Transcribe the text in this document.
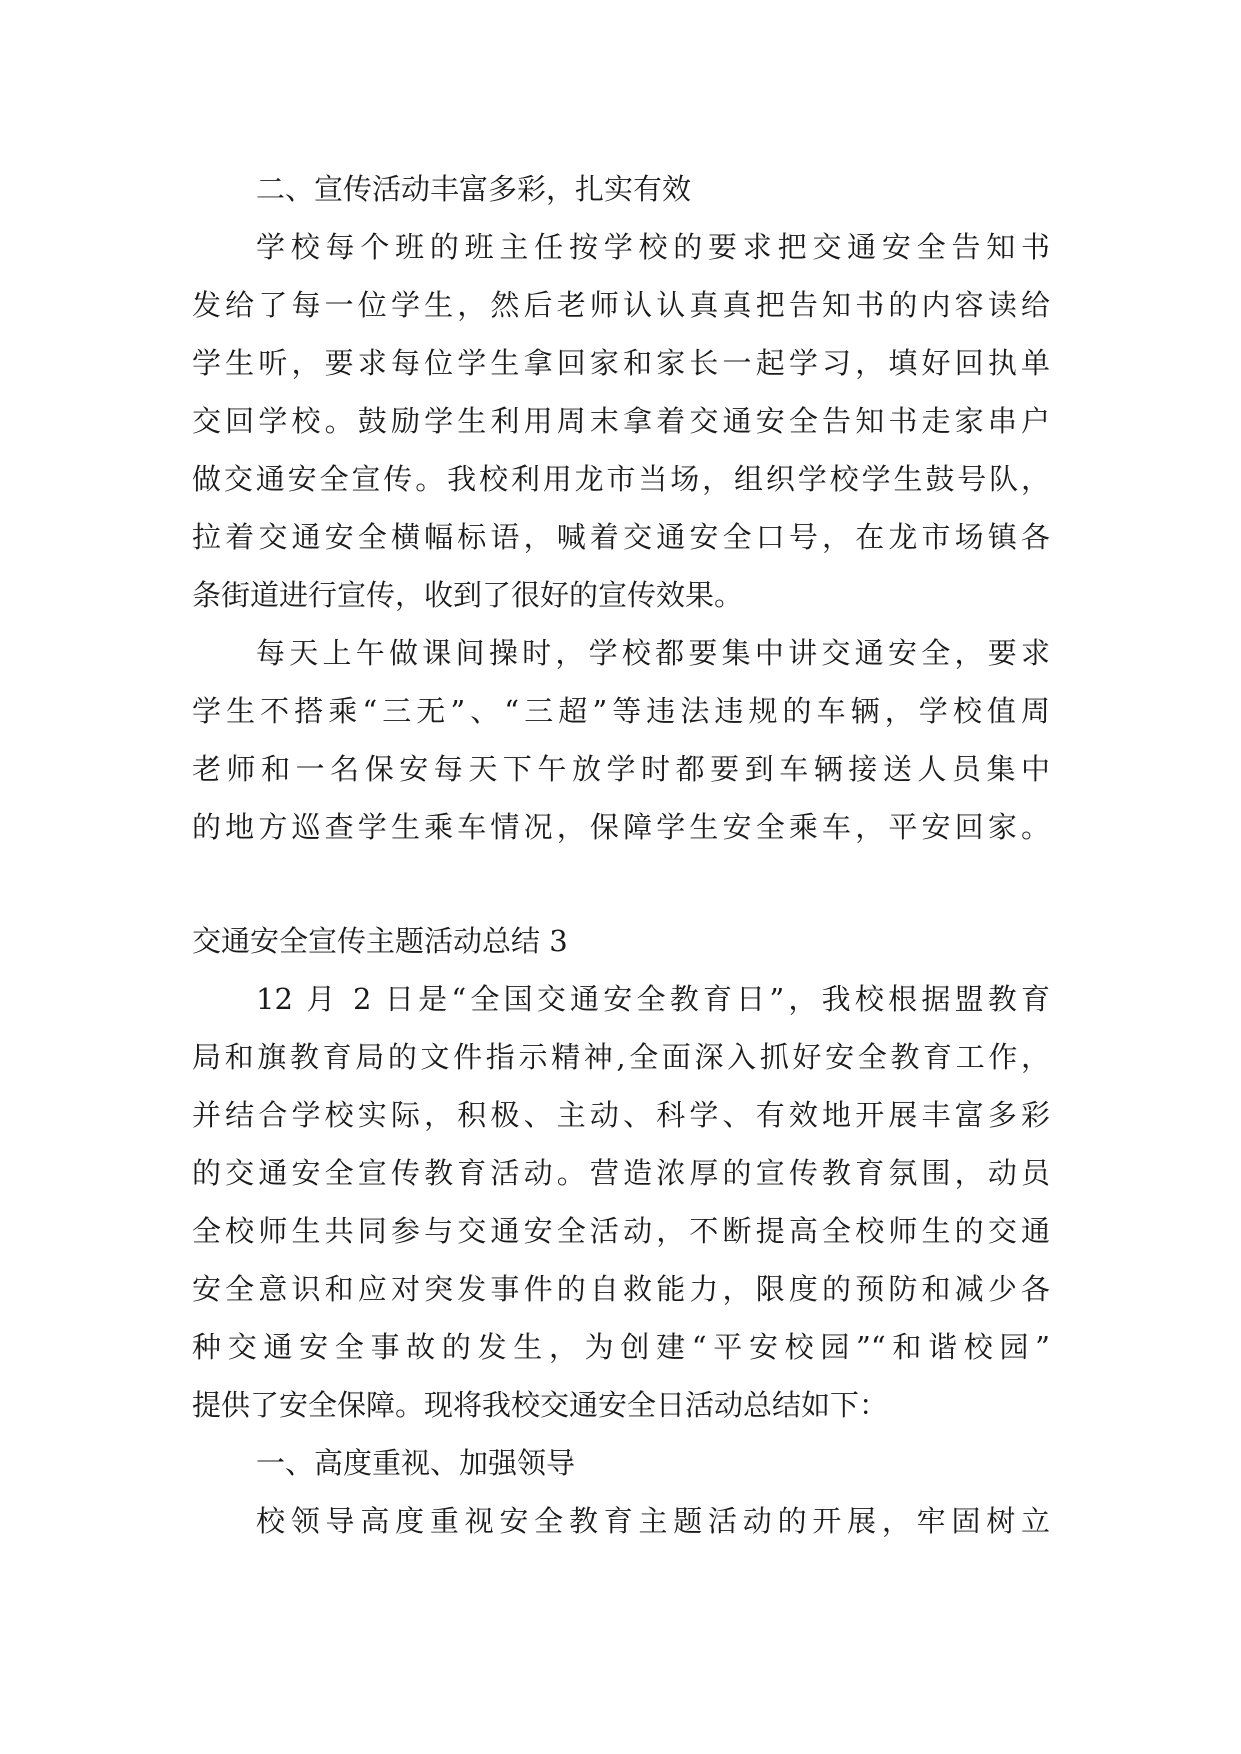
二、宣传活动丰富多彩，扎实有效
学校每个班的班主任按学校的要求把交通安全告知书
发给了每一位学生，然后老师认认真真把告知书的内容读给
学生听，要求每位学生拿回家和家长一起学习，填好回执单
交回学校。鼓励学生利用周末拿着交通安全告知书走家串户
做交通安全宣传。我校利用龙市当场，组织学校学生鼓号队，
拉着交通安全横幅标语，喊着交通安全口号，在龙市场镇各
条街道进行宣传，收到了很好的宣传效果。
每天上午做课间操时，学校都要集中讲交通安全，要求
学生不搭乘“三无”、“三超”等违法违规的车辆，学校值周
老师和一名保安每天下午放学时都要到车辆接送人员集中
的地方巡查学生乘车情况，保障学生安全乘车，平安回家。
交通安全宣传主题活动总结 3
12 月 2 日是“全国交通安全教育日”，我校根据盟教育
局和旗教育局的文件指示精神,全面深入抓好安全教育工作，
并结合学校实际，积极、主动、科学、有效地开展丰富多彩
的交通安全宣传教育活动。营造浓厚的宣传教育氛围，动员
全校师生共同参与交通安全活动，不断提高全校师生的交通
安全意识和应对突发事件的自救能力，限度的预防和减少各
种交通安全事故的发生，为创建“平安校园”“和谐校园”
提供了安全保障。现将我校交通安全日活动总结如下：
一、高度重视、加强领导
校领导高度重视安全教育主题活动的开展，牢固树立
